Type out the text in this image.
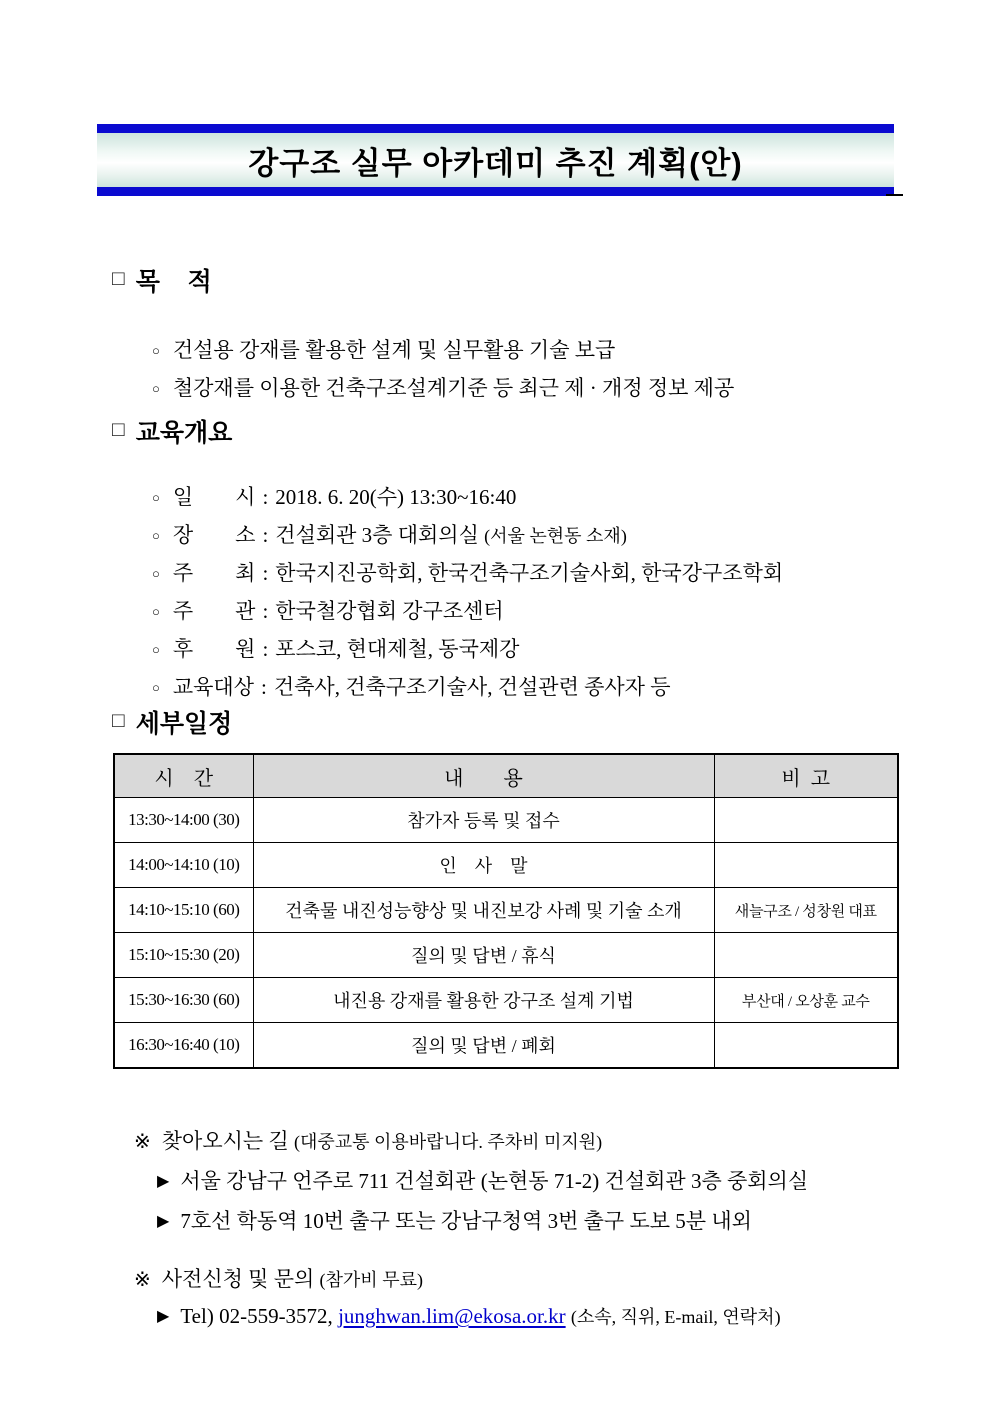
강구조 실무 아카데미 추진 계획(안)
□ 목    적

○ 건설용 강재를 활용한 설계 및 실무활용 기술 보급

○ 철강재를 이용한 건축구조설계기준 등 최근 제 · 개정 정보 제공

□ 교육개요

○ 일        시 : 2018. 6. 20(수) 13:30~16:40

○ 장        소 : 건설회관 3층 대회의실 (서울 논현동 소재)

○ 주        최 : 한국지진공학회, 한국건축구조기술사회, 한국강구조학회

○ 주        관 : 한국철강협회 강구조센터

○ 후        원 : 포스코, 현대제철, 동국제강

○ 교육대상 : 건축사, 건축구조기술사, 건설관련 종사자 등

□ 세부일정
시    간	내        용	비  고
13:30~14:00 (30)	참가자 등록 및 접수	
14:00~14:10 (10)	인    사    말	
14:10~15:10 (60)	건축물 내진성능향상 및 내진보강 사례 및 기술 소개	새늘구조 / 성창원 대표
15:10~15:30 (20)	질의 및 답변 / 휴식	
15:30~16:30 (60)	내진용 강재를 활용한 강구조 설계 기법	부산대 / 오상훈 교수
16:30~16:40 (10)	질의 및 답변 / 폐회	

※ 찾아오시는 길 (대중교통 이용바랍니다. 주차비 미지원)

▶ 서울 강남구 언주로 711 건설회관 (논현동 71-2) 건설회관 3층 중회의실

▶ 7호선 학동역 10번 출구 또는 강남구청역 3번 출구 도보 5분 내외

※ 사전신청 및 문의 (참가비 무료)

▶ Tel) 02-559-3572, junghwan.lim@ekosa.or.kr (소속, 직위, E-mail, 연락처)
